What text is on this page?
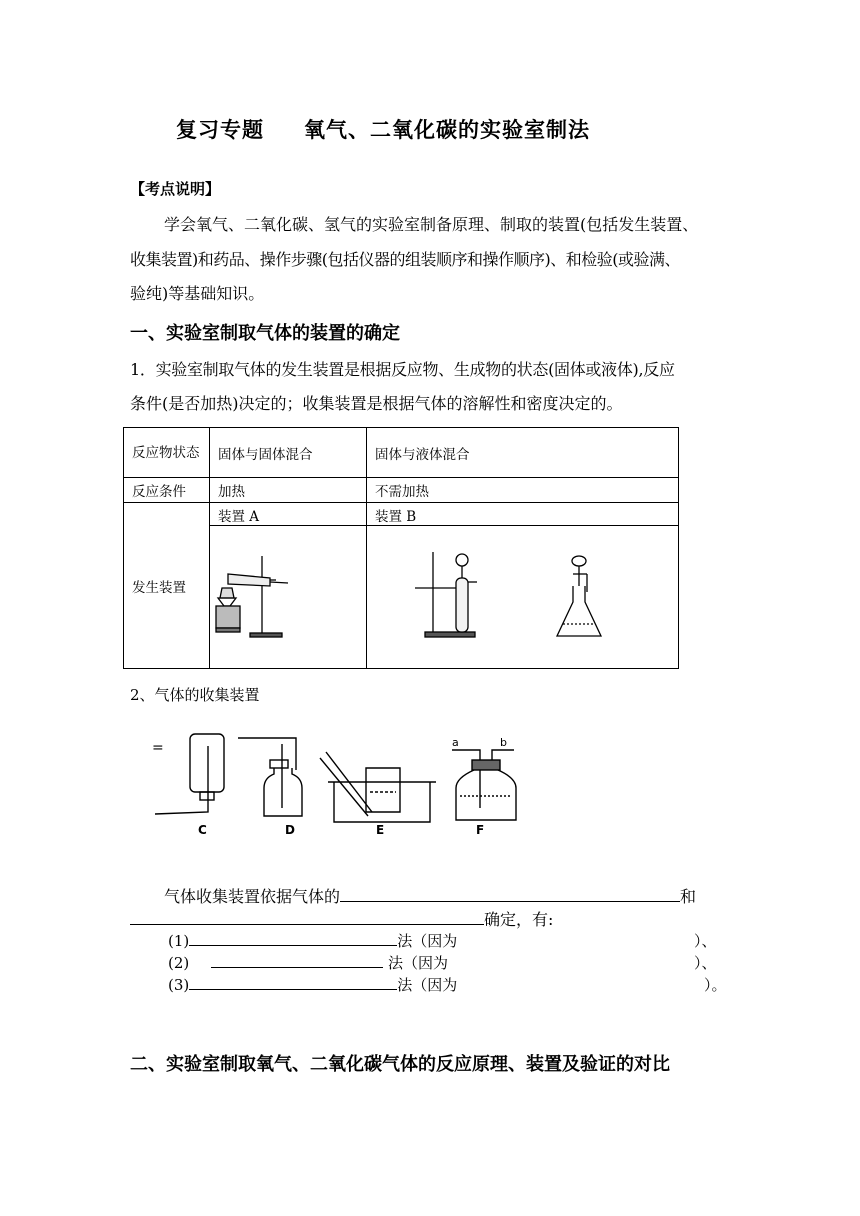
复习专题 氧气、二氧化碳的实验室制法
【考点说明】
学会氧气、二氧化碳、氢气的实验室制备原理、制取的装置(包括发生装置、
收集装置)和药品、操作步骤(包括仪器的组装顺序和操作顺序)、和检验(或验满、
验纯)等基础知识。
一、实验室制取气体的装置的确定
1．实验室制取气体的发生装置是根据反应物、生成物的状态(固体或液体),反应
条件(是否加热)决定的；收集装置是根据气体的溶解性和密度决定的。
反应物状态	固体与固体混合	固体与液体混合
反应条件	加热	不需加热
发生装置	装置 A	装置 B
2、气体的收集装置
=
C	D	E
a	b
F
气体收集装置依据气体的	和
确定，有:
(1)	法（因为	）、
(2)	法（因为	）、
(3)	法（因为	）。
二、实验室制取氧气、二氧化碳气体的反应原理、装置及验证的对比
